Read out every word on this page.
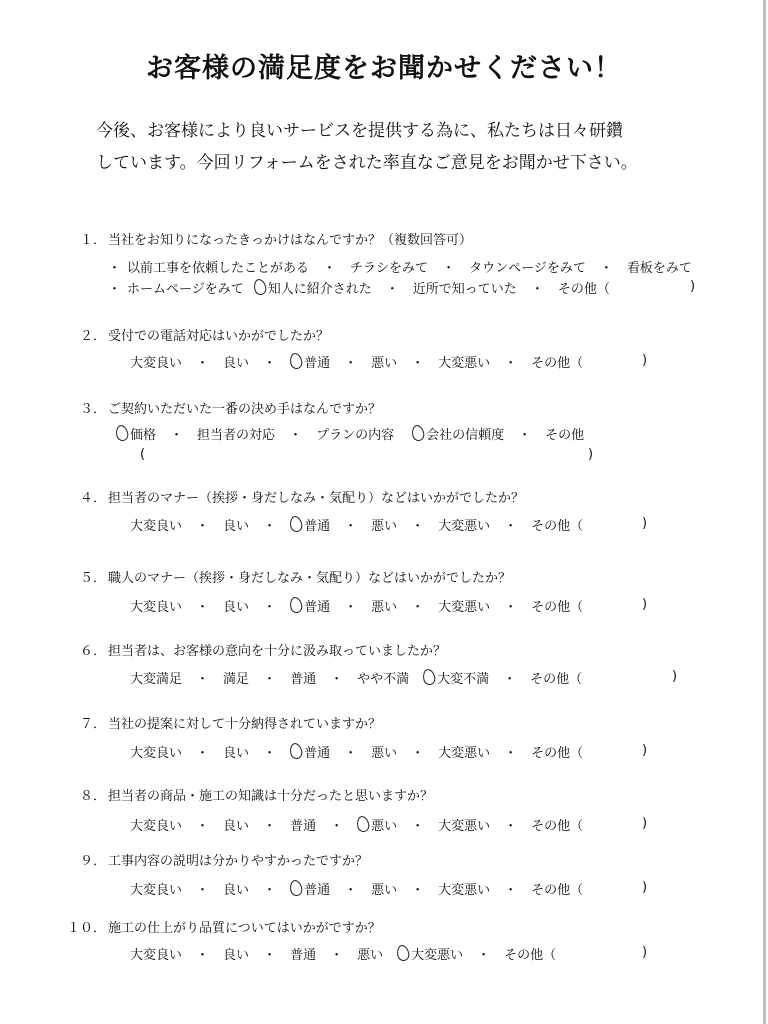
お客様の満足度をお聞かせください！

今後、お客様により良いサービスを提供する為に、私たちは日々研鑽

しています。今回リフォームをされた率直なご意見をお聞かせ下さい。

１． 当社をお知りになったきっかけはなんですか？（複数回答可）

・ 以前工事を依頼したことがある ・ チラシをみて ・ タウンページをみて ・ 看板をみて

・ ホームページをみて 知人に紹介された ・ 近所で知っていた ・ その他（	)

２． 受付での電話対応はいかがでしたか？

大変良い ・ 良い ・ 普通 ・ 悪い ・ 大変悪い ・ その他（	)

３． ご契約いただいた一番の決め手はなんですか？

価格 ・ 担当者の対応 ・ プランの内容 会社の信頼度 ・ その他

(	)

４． 担当者のマナー（挨拶・身だしなみ・気配り）などはいかがでしたか？

大変良い ・ 良い ・ 普通 ・ 悪い ・ 大変悪い ・ その他（	)

５． 職人のマナー（挨拶・身だしなみ・気配り）などはいかがでしたか？

大変良い ・ 良い ・ 普通 ・ 悪い ・ 大変悪い ・ その他（	)

６． 担当者は、お客様の意向を十分に汲み取っていましたか？

大変満足 ・ 満足 ・ 普通 ・ やや不満 大変不満 ・ その他（	)

７． 当社の提案に対して十分納得されていますか？

大変良い ・ 良い ・ 普通 ・ 悪い ・ 大変悪い ・ その他（	)

８． 担当者の商品・施工の知識は十分だったと思いますか？

大変良い ・ 良い ・ 普通 ・ 悪い ・ 大変悪い ・ その他（	)

９． 工事内容の説明は分かりやすかったですか？

大変良い ・ 良い ・ 普通 ・ 悪い ・ 大変悪い ・ その他（	)

１０． 施工の仕上がり品質についてはいかがですか？

大変良い ・ 良い ・ 普通 ・ 悪い 大変悪い ・ その他（	)
